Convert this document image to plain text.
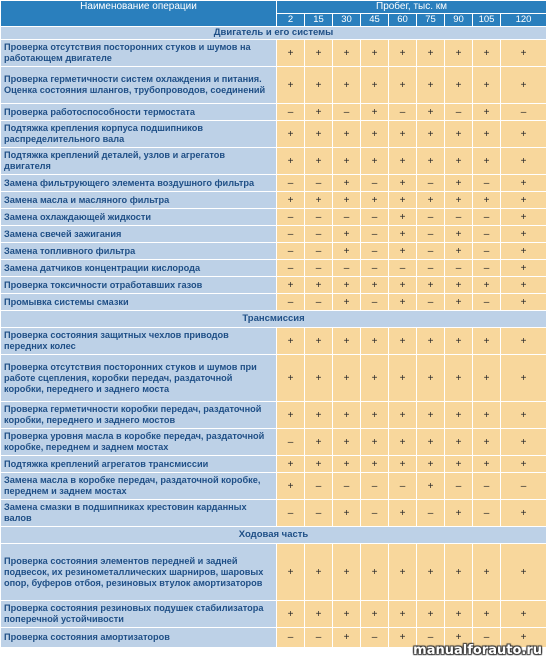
Наименование операции	Пробег, тыс. км								
	2	15	30	45	60	75	90	105	120
Двигатель и его системы									
Проверка отсутствия посторонних стуков и шумов на работающем двигателе	+	+	+	+	+	+	+	+	+
Проверка герметичности систем охлаждения и питания. Оценка состояния шлангов, трубопроводов, соединений	+	+	+	+	+	+	+	+	+
Проверка работоспособности термостата	–	+	–	+	–	+	–	+	–
Подтяжка крепления корпуса подшипников распределительного вала	+	+	+	+	+	+	+	+	+
Подтяжка креплений деталей, узлов и агрегатов двигателя	+	+	+	+	+	+	+	+	+
Замена фильтрующего элемента воздушного фильтра	–	–	+	–	+	–	+	–	+
Замена масла и масляного фильтра	+	+	+	+	+	+	+	+	+
Замена охлаждающей жидкости	–	–	–	–	+	–	–	–	+
Замена свечей зажигания	–	–	+	–	+	–	+	–	+
Замена топливного фильтра	–	–	+	–	+	–	+	–	+
Замена датчиков концентрации кислорода	–	–	–	–	–	–	–	–	+
Проверка токсичности отработавших газов	+	+	+	+	+	+	+	+	+
Промывка системы смазки	–	–	+	–	+	–	+	–	+
Трансмиссия									
Проверка состояния защитных чехлов приводов передних колес	+	+	+	+	+	+	+	+	+
Проверка отсутствия посторонних стуков и шумов при работе сцепления, коробки передач, раздаточной коробки, переднего и заднего моста	+	+	+	+	+	+	+	+	+
Проверка герметичности коробки передач, раздаточной коробки, переднего и заднего мостов	+	+	+	+	+	+	+	+	+
Проверка уровня масла в коробке передач, раздаточной коробке, переднем и заднем мостах	–	+	+	+	+	+	+	+	+
Подтяжка креплений агрегатов трансмиссии	+	+	+	+	+	+	+	+	+
Замена масла в коробке передач, раздаточной коробке, переднем и заднем мостах	+	–	–	–	–	+	–	–	–
Замена смазки в подшипниках крестовин карданных валов	–	–	+	–	+	–	+	–	+
Ходовая часть									
Проверка состояния элементов передней и задней подвесок, их резинометаллических шарниров, шаровых опор, буферов отбоя, резиновых втулок амортизаторов	+	+	+	+	+	+	+	+	+
Проверка состояния резиновых подушек стабилизатора поперечной устойчивости	+	+	+	+	+	+	+	+	+
Проверка состояния амортизаторов	–	–	+	–	+	–	+	–	+
manualforauto.ru
